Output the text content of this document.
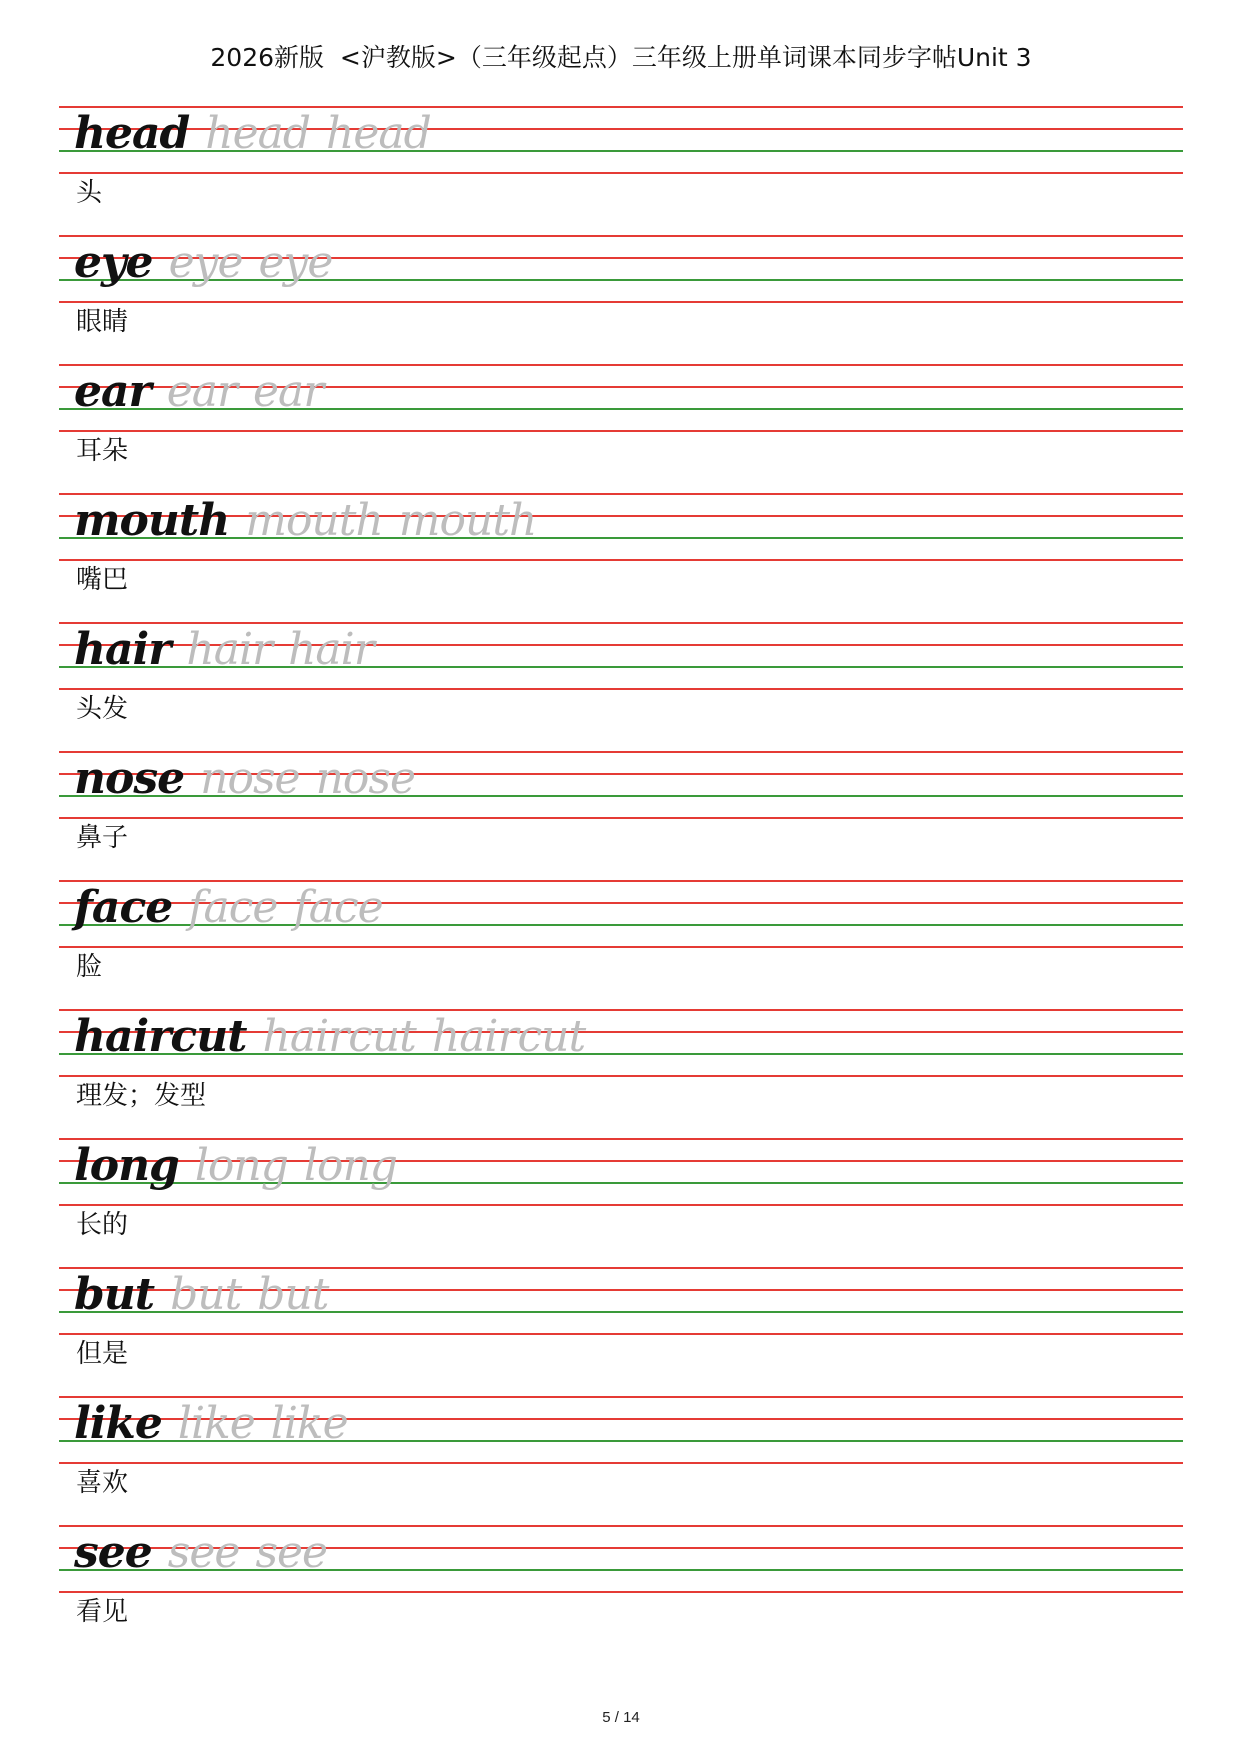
2026新版  <沪教版>（三年级起点）三年级上册单词课本同步字帖Unit 3
head head head
头
eye eye eye
眼睛
ear ear ear
耳朵
mouth mouth mouth
嘴巴
hair hair hair
头发
nose nose nose
鼻子
face face face
脸
haircut haircut haircut
理发；发型
long long long
长的
but but but
但是
like like like
喜欢
see see see
看见
5 / 14
